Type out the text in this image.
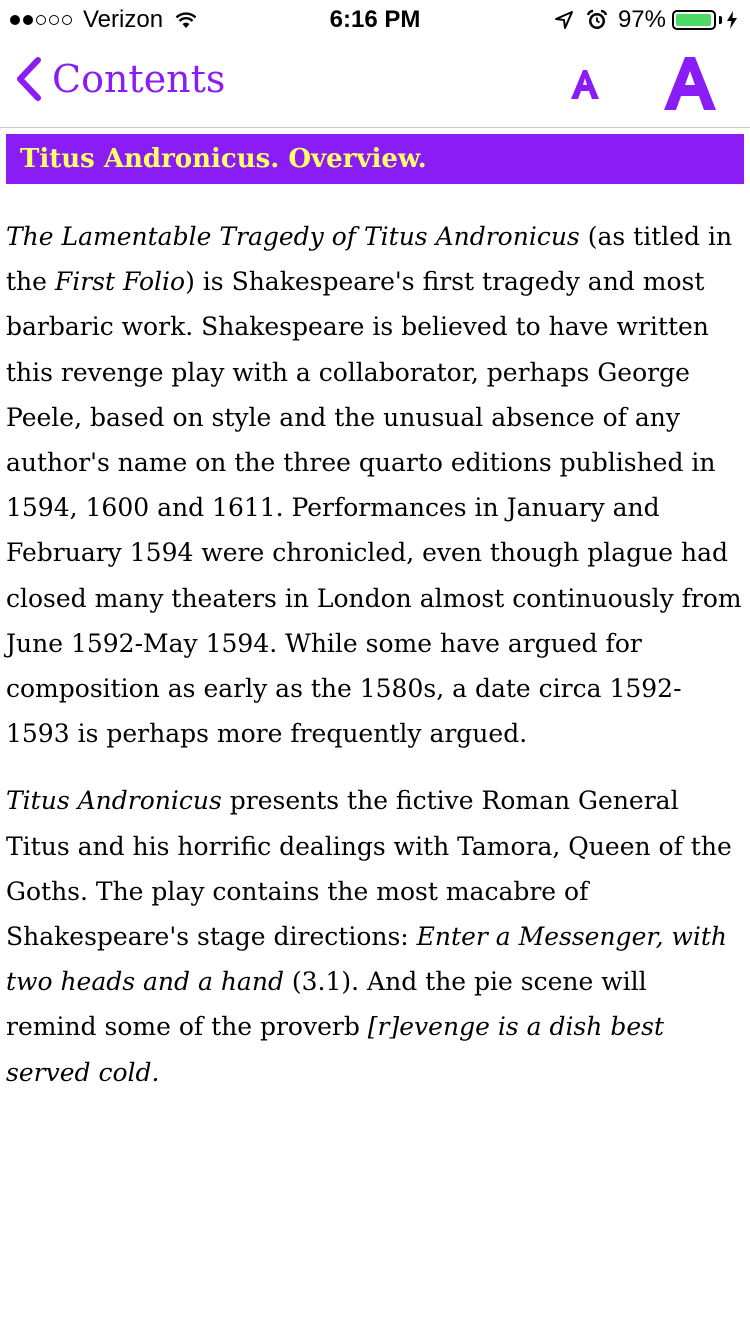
Verizon	6:16 PM	97%
Contents
Titus Andronicus. Overview.

The Lamentable Tragedy of Titus Andronicus (as titled in the First Folio) is Shakespeare's first tragedy and most barbaric work. Shakespeare is believed to have written this revenge play with a collaborator, perhaps George Peele, based on style and the unusual absence of any author's name on the three quarto editions published in 1594, 1600 and 1611. Performances in January and February 1594 were chronicled, even though plague had closed many theaters in London almost continuously from June 1592-May 1594. While some have argued for composition as early as the 1580s, a date circa 1592-1593 is perhaps more frequently argued.

Titus Andronicus presents the fictive Roman General Titus and his horrific dealings with Tamora, Queen of the Goths. The play contains the most macabre of Shakespeare's stage directions: Enter a Messenger, with two heads and a hand (3.1). And the pie scene will remind some of the proverb [r]evenge is a dish best served cold.
